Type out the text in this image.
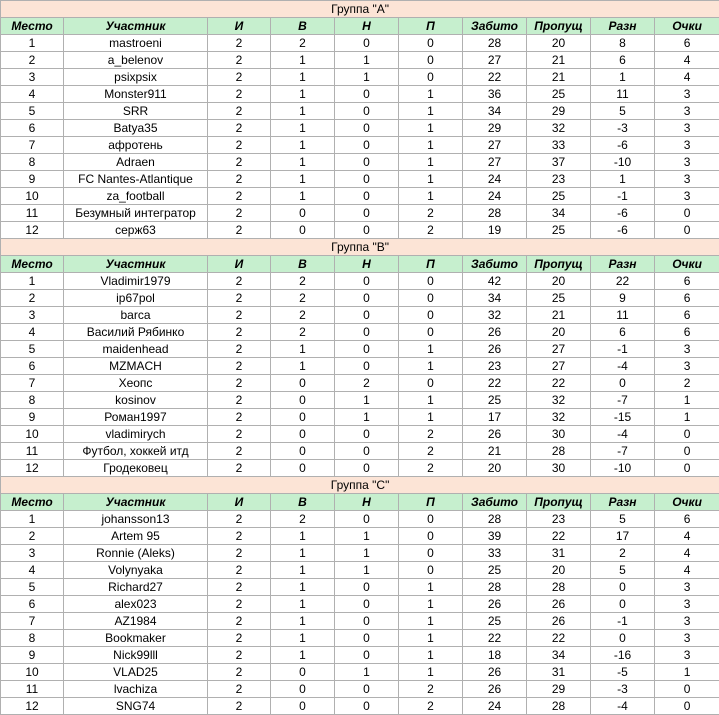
Группа "A"									
Место	Участник	И	В	Н	П	Забито	Пропущ	Разн	Очки
1	mastroeni	2	2	0	0	28	20	8	6
2	a_belenov	2	1	1	0	27	21	6	4
3	psixpsix	2	1	1	0	22	21	1	4
4	Monster911	2	1	0	1	36	25	11	3
5	SRR	2	1	0	1	34	29	5	3
6	Batya35	2	1	0	1	29	32	-3	3
7	афротень	2	1	0	1	27	33	-6	3
8	Adraen	2	1	0	1	27	37	-10	3
9	FC Nantes-Atlantique	2	1	0	1	24	23	1	3
10	za_football	2	1	0	1	24	25	-1	3
11	Безумный интегратор	2	0	0	2	28	34	-6	0
12	серж63	2	0	0	2	19	25	-6	0
Группа "B"									
Место	Участник	И	В	Н	П	Забито	Пропущ	Разн	Очки
1	Vladimir1979	2	2	0	0	42	20	22	6
2	ip67pol	2	2	0	0	34	25	9	6
3	barca	2	2	0	0	32	21	11	6
4	Василий Рябинко	2	2	0	0	26	20	6	6
5	maidenhead	2	1	0	1	26	27	-1	3
6	MZMACH	2	1	0	1	23	27	-4	3
7	Хеопс	2	0	2	0	22	22	0	2
8	kosinov	2	0	1	1	25	32	-7	1
9	Роман1997	2	0	1	1	17	32	-15	1
10	vladimirych	2	0	0	2	26	30	-4	0
11	Футбол, хоккей итд	2	0	0	2	21	28	-7	0
12	Гродековец	2	0	0	2	20	30	-10	0
Группа "C"									
Место	Участник	И	В	Н	П	Забито	Пропущ	Разн	Очки
1	johansson13	2	2	0	0	28	23	5	6
2	Artem 95	2	1	1	0	39	22	17	4
3	Ronnie (Aleks)	2	1	1	0	33	31	2	4
4	Volynyaka	2	1	1	0	25	20	5	4
5	Richard27	2	1	0	1	28	28	0	3
6	alex023	2	1	0	1	26	26	0	3
7	AZ1984	2	1	0	1	25	26	-1	3
8	Bookmaker	2	1	0	1	22	22	0	3
9	Nick99lll	2	1	0	1	18	34	-16	3
10	VLAD25	2	0	1	1	26	31	-5	1
11	lvachiza	2	0	0	2	26	29	-3	0
12	SNG74	2	0	0	2	24	28	-4	0
